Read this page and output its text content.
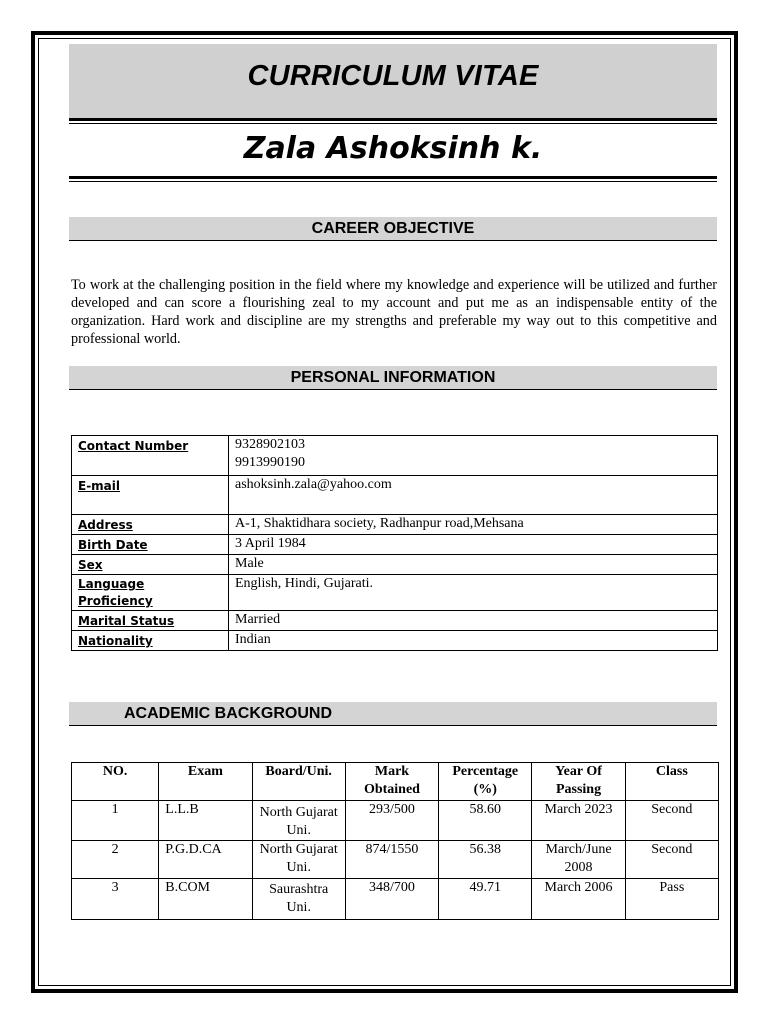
CURRICULUM VITAE
Zala Ashoksinh k.
CAREER OBJECTIVE
To work at the challenging position in the field where my knowledge and experience will be utilized and further developed and can score a flourishing zeal to my account and put me as an indispensable entity of the organization. Hard work and discipline are my strengths and preferable my way out to this competitive and professional world.
PERSONAL INFORMATION
Contact Number	9328902103
9913990190

E-mail	ashoksinh.zala@yahoo.com
Address	A-1, Shaktidhara society, Radhanpur road,Mehsana
Birth Date	3 April 1984
Sex	Male
Language Proficiency	English, Hindi, Gujarati.
Marital Status	Married
Nationality	Indian
ACADEMIC BACKGROUND
NO.	Exam	Board/Uni.	Mark Obtained	Percentage (%)	Year Of Passing	Class
1	L.L.B	North Gujarat Uni.	293/500	58.60	March 2023	Second
2	P.G.D.CA	North Gujarat Uni.	874/1550	56.38	March/June 2008	Second
3	B.COM	Saurashtra Uni.	348/700	49.71	March 2006	Pass
